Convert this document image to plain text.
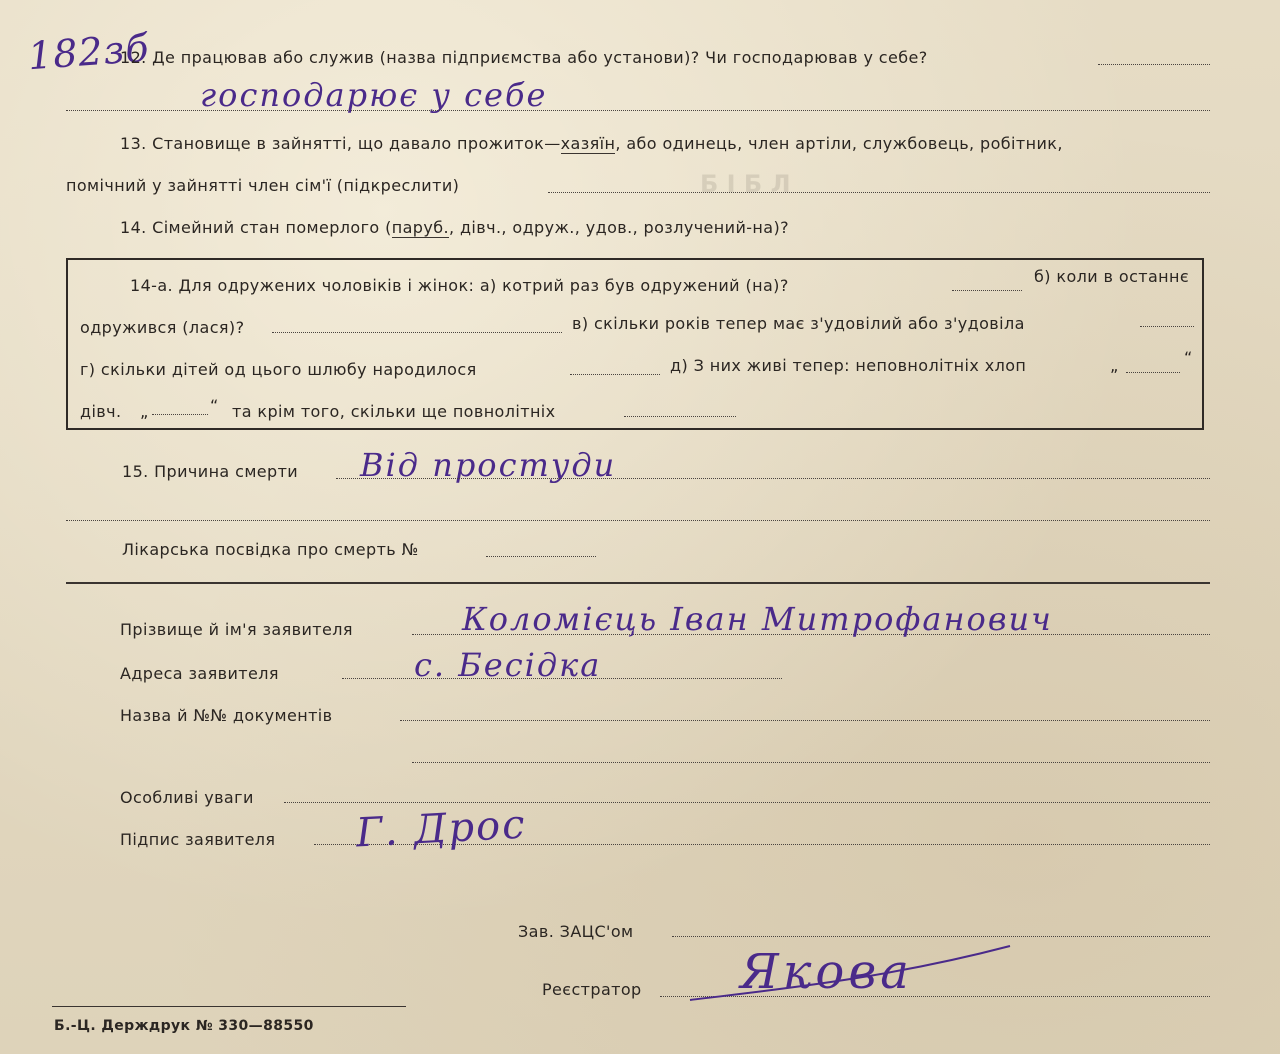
Б І Б Л
182зб
12. Де працював або служив (назва підприємства або установи)? Чи господарював у себе?
господарює у себе
13. Становище в зайнятті, що давало прожиток—хазяїн, або одинець, член артіли, службовець, робітник,
помічний у зайнятті член сім'ї (підкреслити)
14. Сімейний стан померлого (паруб., дівч., одруж., удов., розлучений-на)?
14-а. Для одружених чоловіків і жінок: а) котрий раз був одружений (на)?	б) коли в останнє
одружився (лася)?	в) скільки років тепер має з'удовілий або з'удовіла
г) скільки дітей од цього шлюбу народилося	д) З них живі тепер: неповнолітніх хлоп	„	“
дівч. „	“ та крім того, скільки ще повнолітніх
15. Причина смерти Від простуди
Лікарська посвідка про смерть №
Прізвище й ім'я заявителя	Коломієць Іван Митрофанович
Адреса заявителя	с. Бесідка
Назва й №№ документів
Особливі уваги
Підпис заявителя Г. Дрос
Зав. ЗАЦС'ом
Реєстратор Якова
Б.-Ц. Держдрук № 330—88550
